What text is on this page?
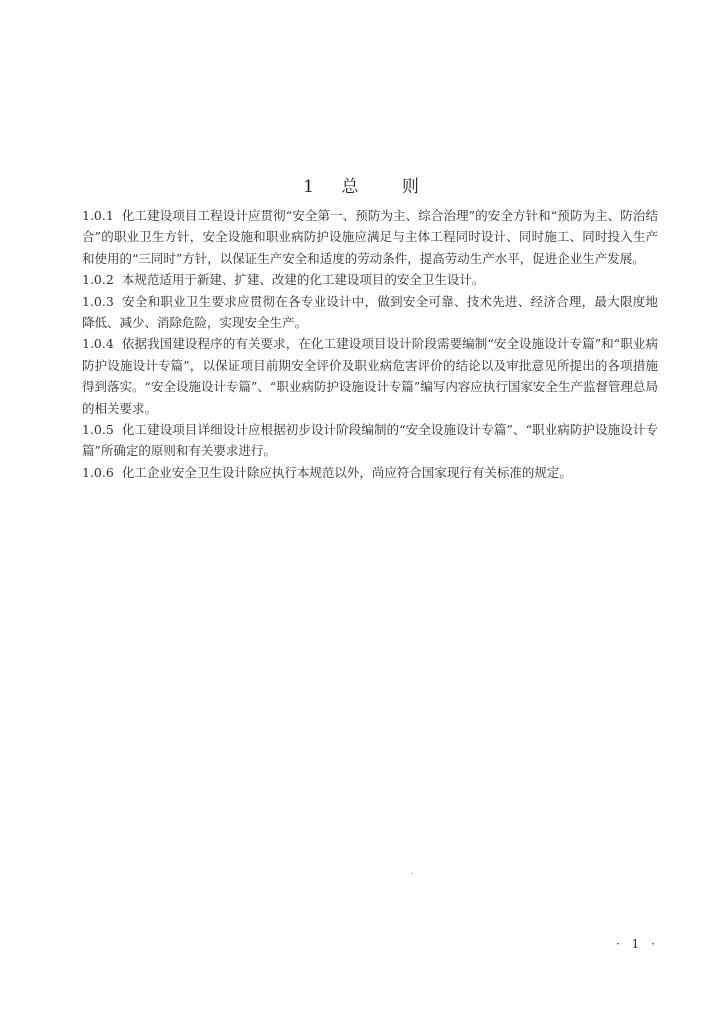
1 总 则

1.0.1 化工建设项目工程设计应贯彻“安全第一、预防为主、综合治理”的安全方针和“预防为主、防治结合”的职业卫生方针，安全设施和职业病防护设施应满足与主体工程同时设计、同时施工、同时投入生产和使用的“三同时”方针，以保证生产安全和适度的劳动条件，提高劳动生产水平，促进企业生产发展。

1.0.2 本规范适用于新建、扩建、改建的化工建设项目的安全卫生设计。

1.0.3 安全和职业卫生要求应贯彻在各专业设计中，做到安全可靠、技术先进、经济合理，最大限度地降低、减少、消除危险，实现安全生产。

1.0.4 依据我国建设程序的有关要求，在化工建设项目设计阶段需要编制“安全设施设计专篇”和“职业病防护设施设计专篇”，以保证项目前期安全评价及职业病危害评价的结论以及审批意见所提出的各项措施得到落实。“安全设施设计专篇”、“职业病防护设施设计专篇”编写内容应执行国家安全生产监督管理总局的相关要求。

1.0.5 化工建设项目详细设计应根据初步设计阶段编制的“安全设施设计专篇”、“职业病防护设施设计专篇”所确定的原则和有关要求进行。

1.0.6 化工企业安全卫生设计除应执行本规范以外，尚应符合国家现行有关标准的规定。

· 1 ·
